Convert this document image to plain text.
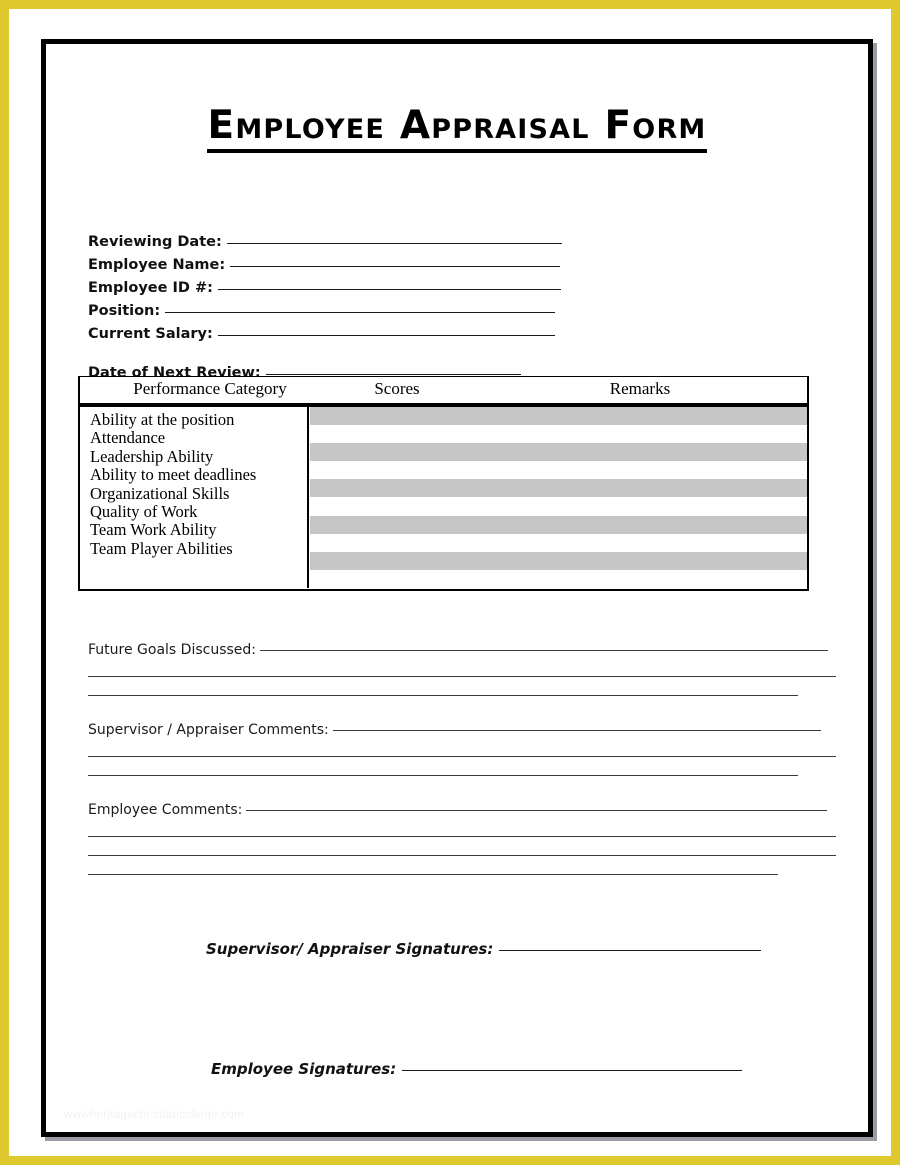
Employee Appraisal Form
Reviewing Date:
Employee Name:
Employee ID #:
Position:
Current Salary:
Date of Next Review:
Performance Category	Scores	Remarks
Ability at the position
Attendance
Leadership Ability
Ability to meet deadlines
Organizational Skills
Quality of Work
Team Work Ability
Team Player Abilities
Future Goals Discussed:
Supervisor / Appraiser Comments:
Employee Comments:
Supervisor/ Appraiser Signatures:
Employee Signatures:
wwwheritagechristiancollege.com
